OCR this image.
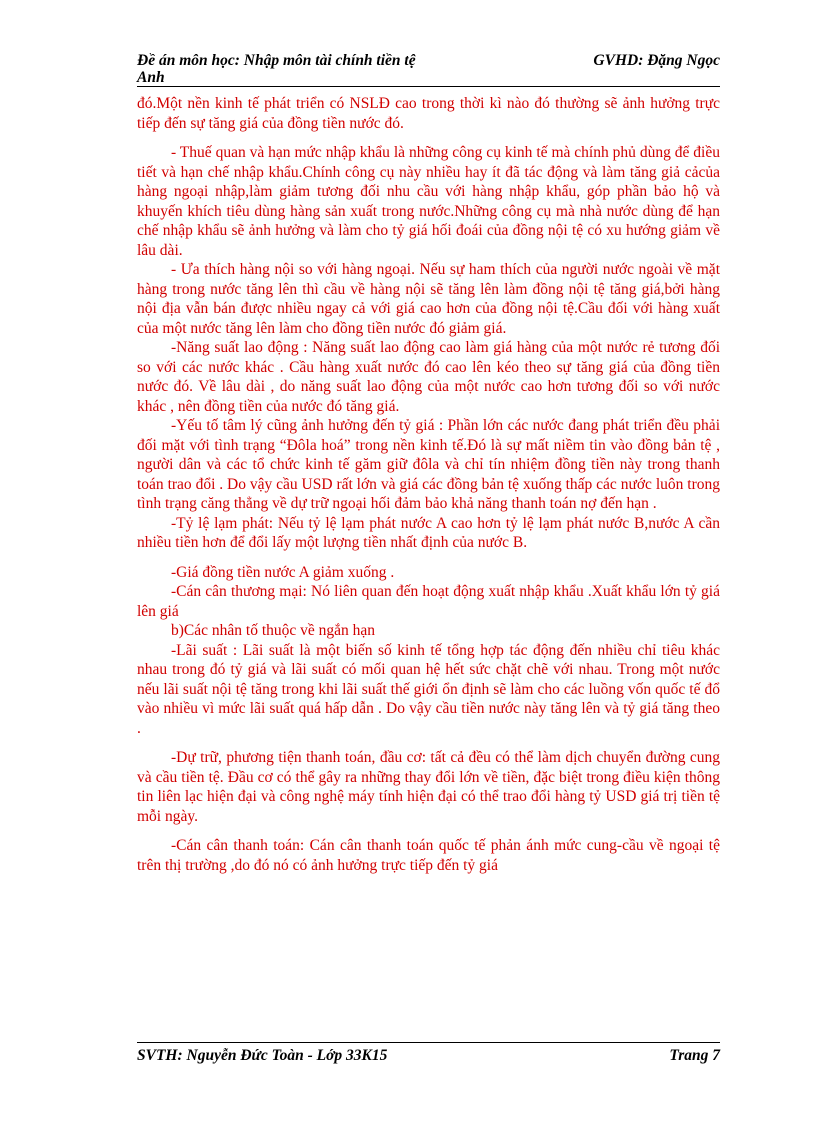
Đề án môn học: Nhập môn tài chính tiền tệ	GVHD: Đặng Ngọc
Anh

đó.Một nền kinh tế phát triển có NSLĐ cao trong thời kì nào đó thường sẽ ảnh hưởng trực tiếp đến sự tăng giá của đồng tiền nước đó.

- Thuế quan và hạn mức nhập khẩu là những công cụ kinh tế mà chính phủ dùng để điều tiết và hạn chế nhập khẩu.Chính công cụ này nhiều hay ít đã tác động và làm tăng giả cảcủa hàng ngoại nhập,làm giảm tương đối nhu cầu với hàng nhập khẩu, góp phần bảo hộ và khuyến khích tiêu dùng hàng sản xuất trong nước.Những công cụ mà nhà nước dùng để hạn chế nhập khẩu sẽ ảnh hưởng và làm cho tỷ giá hối đoái của đồng nội tệ có xu hướng giảm về lâu dài.

- Ưa thích hàng nội so với hàng ngoại. Nếu sự ham thích của người nước ngoài về mặt hàng trong nước tăng lên thì cầu về hàng nội sẽ tăng lên làm đồng nội tệ tăng giá,bởi hàng nội địa vẫn bán được nhiều ngay cả với giá cao hơn của đồng nội tệ.Cầu đối với hàng xuất của một nước tăng lên làm cho đồng tiền nước đó giảm giá.

-Năng suất lao động : Năng suất lao động cao làm giá hàng của một nước rẻ tương đối so với các nước khác . Cầu hàng xuất nước đó cao lên kéo theo sự tăng giá của đồng tiền nước đó. Về lâu dài , do năng suất lao động của một nước cao hơn tương đối so với nước khác , nên đồng tiền của nước đó tăng giá.

-Yếu tố tâm lý cũng ảnh hưởng đến tỷ giá : Phần lớn các nước đang phát triển đều phải đối mặt với tình trạng “Đôla hoá” trong nền kinh tế.Đó là sự mất niềm tin vào đồng bản tệ , người dân và các tổ chức kinh tế găm giữ đôla và chỉ tín nhiệm đồng tiền này trong thanh toán trao đổi . Do vậy cầu USD rất lớn và giá các đồng bản tệ xuống thấp các nước luôn trong tình trạng căng thẳng về dự trữ ngoại hối đảm bảo khả năng thanh toán nợ đến hạn .

-Tỷ lệ lạm phát: Nếu tỷ lệ lạm phát nước A cao hơn tỷ lệ lạm phát nước B,nước A cần nhiều tiền hơn để đổi lấy một lượng tiền nhất định của nước B.

-Giá đồng tiền nước A giảm xuống .

-Cán cân thương mại: Nó liên quan đến hoạt động xuất nhập khẩu .Xuất khẩu lớn tỷ giá lên giá

b)Các nhân tố thuộc về ngắn hạn

-Lãi suất : Lãi suất là một biến số kinh tế tổng hợp tác động đến nhiều chỉ tiêu khác nhau trong đó tỷ giá và lãi suất có mối quan hệ hết sức chặt chẽ với nhau. Trong một nước nếu lãi suất nội tệ tăng trong khi lãi suất thế giới ổn định sẽ làm cho các luồng vốn quốc tế đổ vào nhiều vì mức lãi suất quá hấp dẫn . Do vậy cầu tiền nước này tăng lên và tỷ giá tăng theo .

-Dự trữ, phương tiện thanh toán, đầu cơ: tất cả đều có thể làm dịch chuyển đường cung và cầu tiền tệ. Đầu cơ có thể gây ra những thay đổi lớn về tiền, đặc biệt trong điều kiện thông tin liên lạc hiện đại và công nghệ máy tính hiện đại có thể trao đổi hàng tỷ USD giá trị tiền tệ mỗi ngày.

-Cán cân thanh toán: Cán cân thanh toán quốc tế phản ánh mức cung-cầu về ngoại tệ trên thị trường ,do đó nó có ảnh hưởng trực tiếp đến tỷ giá

SVTH: Nguyễn Đức Toàn - Lớp 33K15	Trang 7
